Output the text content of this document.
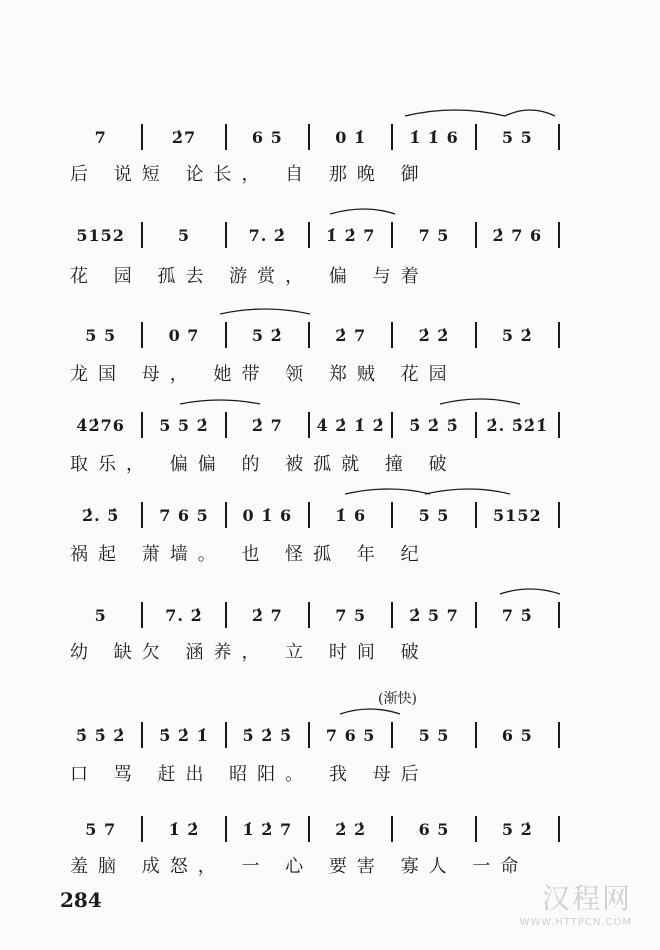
7	2̇7	6 5	0 1̇	1̇ 1̇ 6	5 5
后 说短 论长， 自 那晚 御
5152	5	7. 2̇	1̇ 2̇ 7	7 5	2̇ 7 6
花 园 孤去 游赏， 偏 与着
5 5	0 7	5 2̇	2̇ 7	2̇ 2̇	5 2̇
龙国 母， 她带 领 郑贼 花园
4̇2̇76	5 5 2̇	2̇ 7	4̇ 2̇ 1̇ 2̇	5̇ 2̇ 5̇	2̇. 5̇2̇1̇
取乐， 偏偏 的 被孤就 撞 破
2̇. 5̇	7 6 5	0 1̇ 6	1̇ 6	5 5	5152
祸起 萧墙。 也 怪孤 年 纪
5	7. 2̇	2̇ 7	7 5	2̇ 5 7	7 5̇
幼 缺欠 涵养， 立 时间 破
(渐快)
5̇ 5̇ 2̇	5̇ 2̇ 1̇	5̇ 2̇ 5̇	7 6 5	5 5	6 5
口 骂 赶出 昭阳。 我 母后
5 7	1̇ 2̇	1̇ 2̇ 7	2̇ 2̇	6 5	5 2̇
羞脑 成怒， 一 心 要害 寡人 一命
284	汉程网
WWW.HTTPCN.COM
